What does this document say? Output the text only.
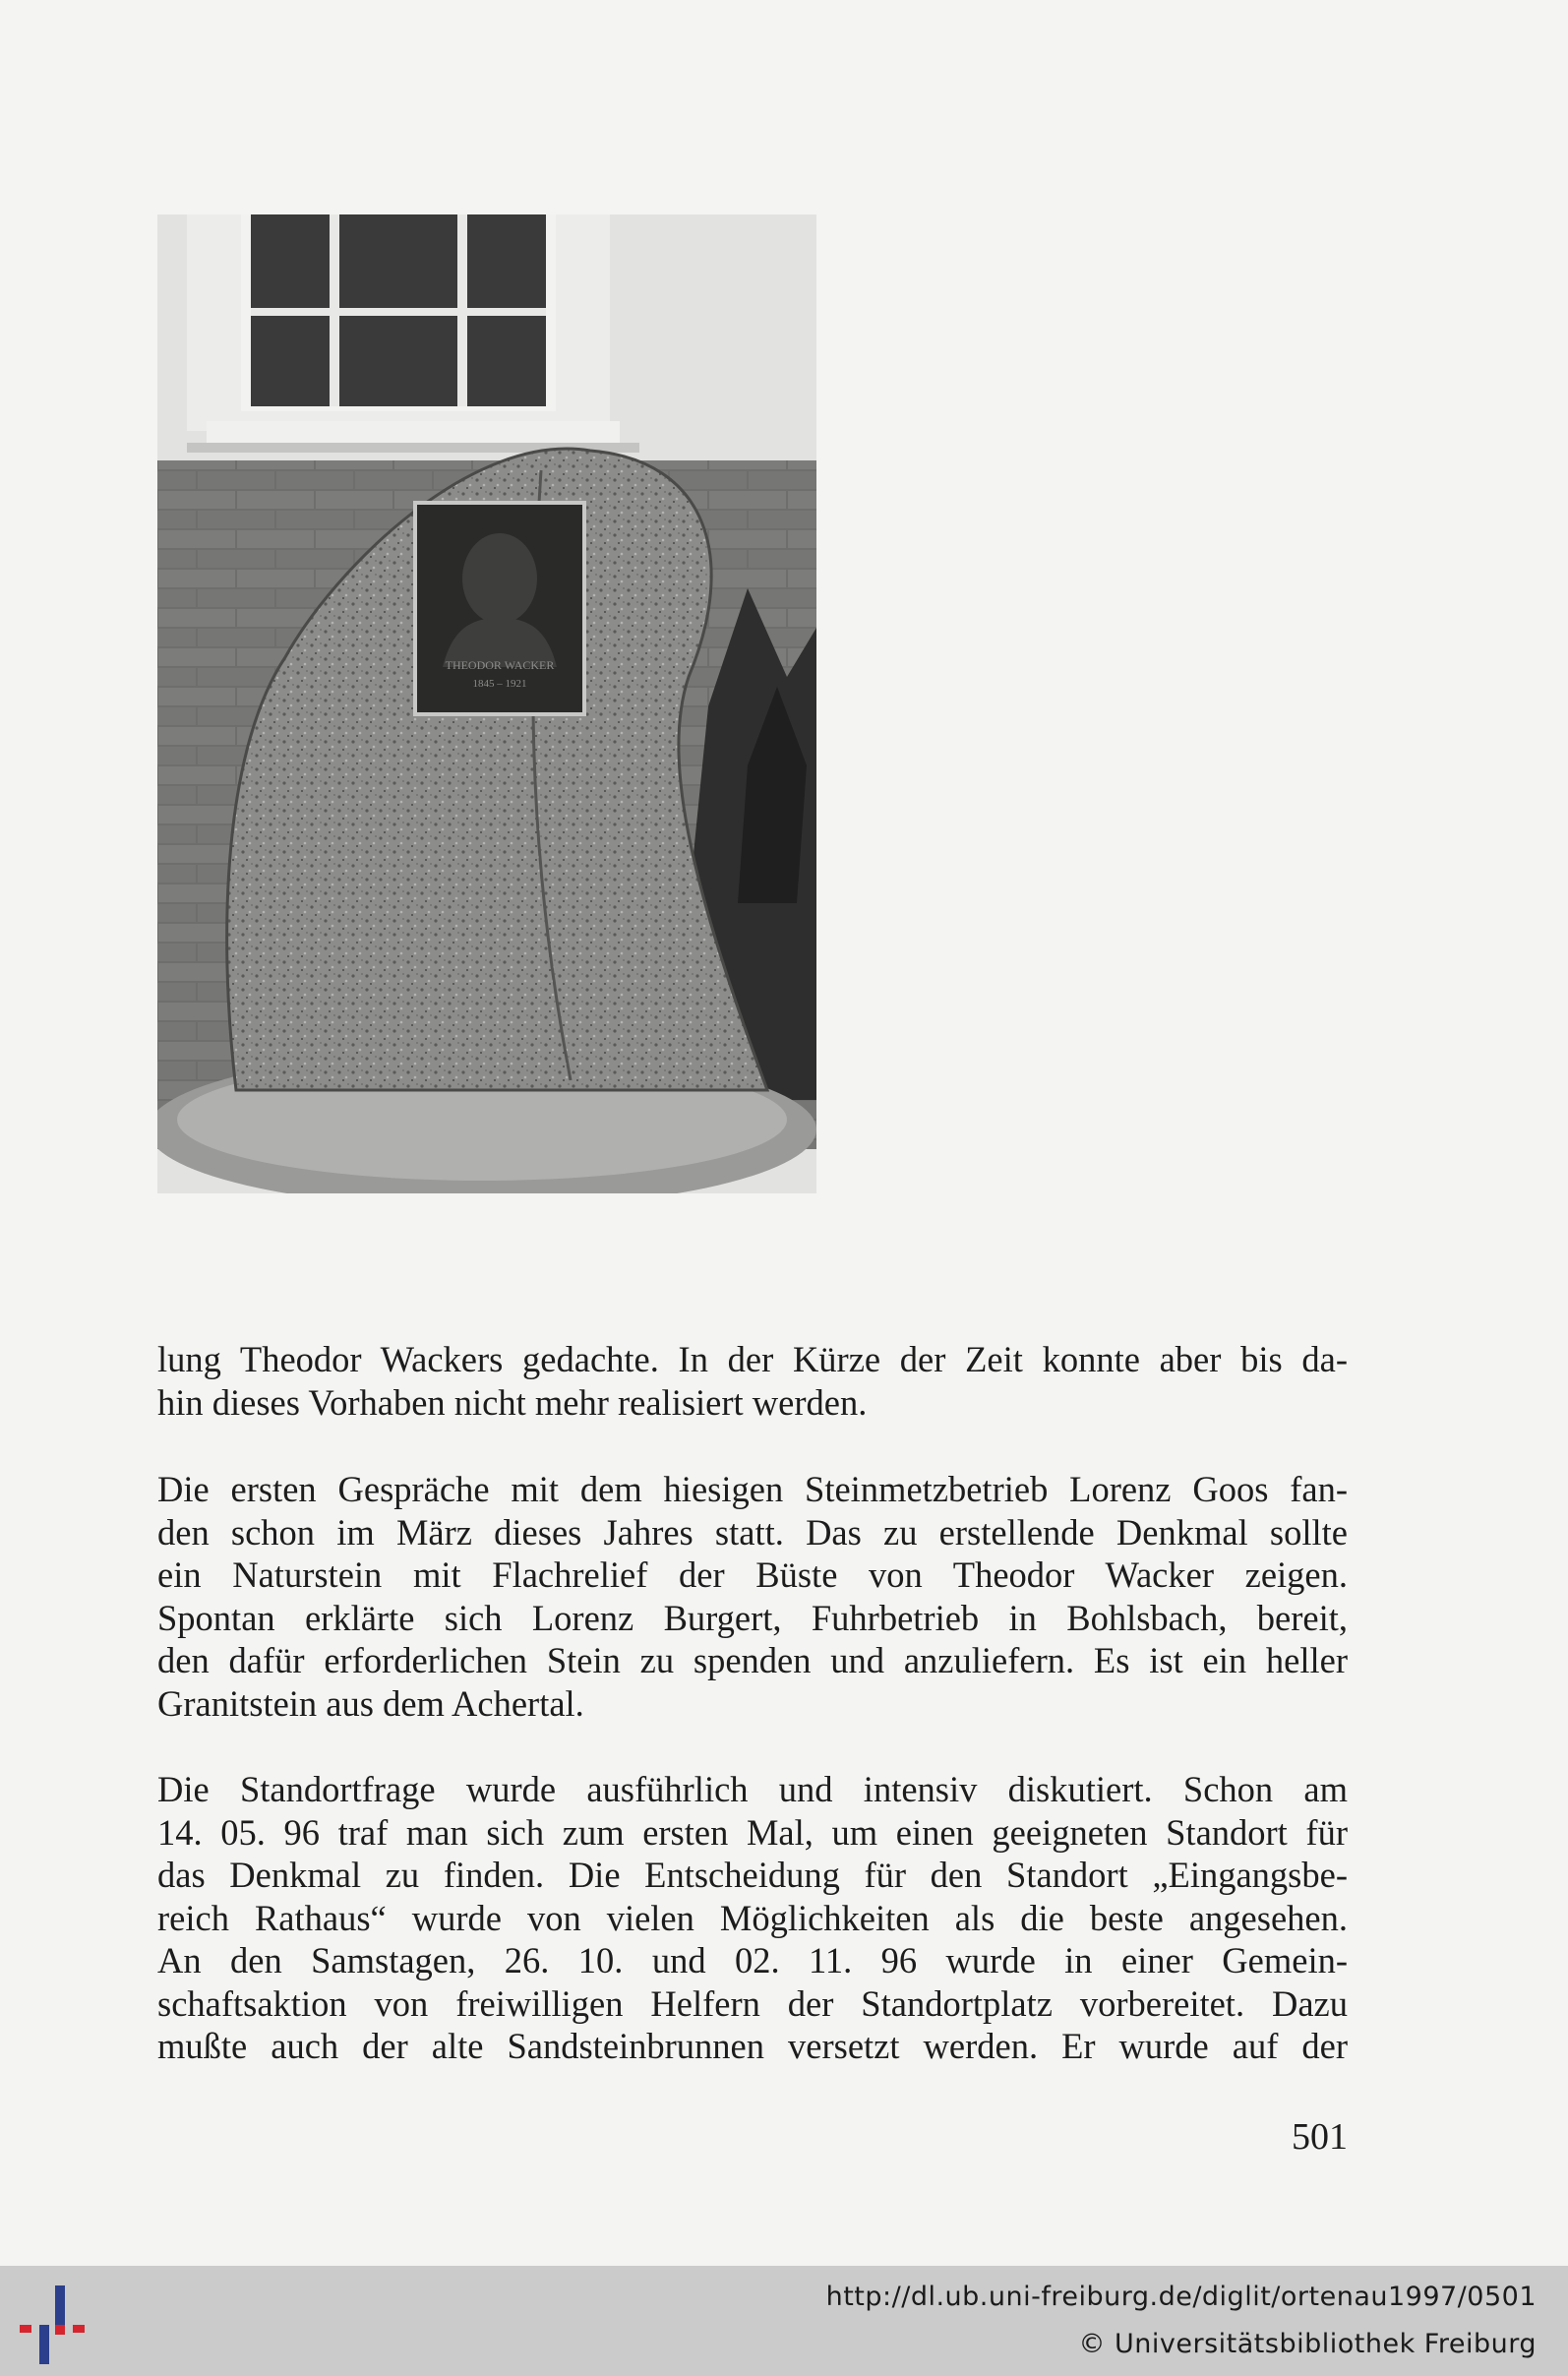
THEODOR WACKER
1845 – 1921
lung Theodor Wackers gedachte. In der Kürze der Zeit konnte aber bis da-
hin dieses Vorhaben nicht mehr realisiert werden.
Die ersten Gespräche mit dem hiesigen Steinmetzbetrieb Lorenz Goos fan-
den schon im März dieses Jahres statt. Das zu erstellende Denkmal sollte
ein Naturstein mit Flachrelief der Büste von Theodor Wacker zeigen.
Spontan erklärte sich Lorenz Burgert, Fuhrbetrieb in Bohlsbach, bereit,
den dafür erforderlichen Stein zu spenden und anzuliefern. Es ist ein heller
Granitstein aus dem Achertal.
Die Standortfrage wurde ausführlich und intensiv diskutiert. Schon am
14. 05. 96 traf man sich zum ersten Mal, um einen geeigneten Standort für
das Denkmal zu finden. Die Entscheidung für den Standort „Eingangsbe-
reich Rathaus“ wurde von vielen Möglichkeiten als die beste angesehen.
An den Samstagen, 26. 10. und 02. 11. 96 wurde in einer Gemein-
schaftsaktion von freiwilligen Helfern der Standortplatz vorbereitet. Dazu
mußte auch der alte Sandsteinbrunnen versetzt werden. Er wurde auf der
501
http://dl.ub.uni-freiburg.de/diglit/ortenau1997/0501
© Universitätsbibliothek Freiburg
